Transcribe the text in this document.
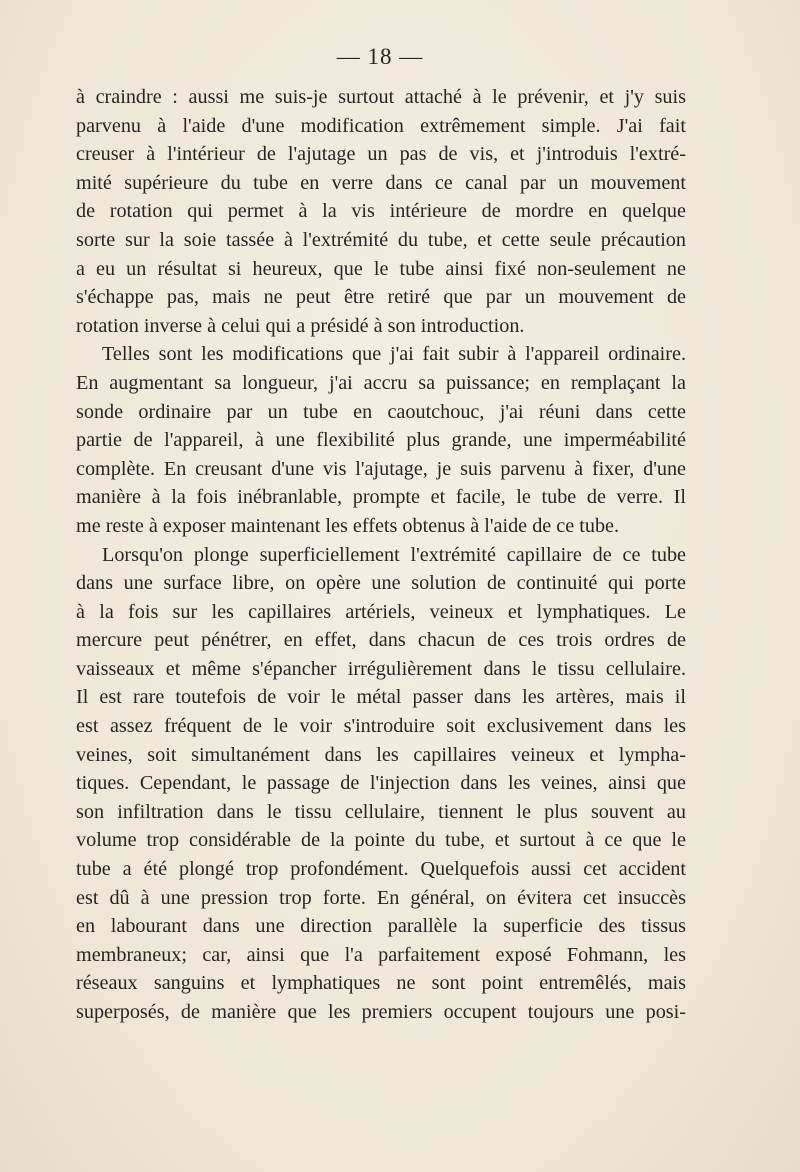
— 18 —
à craindre : aussi me suis-je surtout attaché à le prévenir, et j'y suis
parvenu à l'aide d'une modification extrêmement simple. J'ai fait
creuser à l'intérieur de l'ajutage un pas de vis, et j'introduis l'extré-
mité supérieure du tube en verre dans ce canal par un mouvement
de rotation qui permet à la vis intérieure de mordre en quelque
sorte sur la soie tassée à l'extrémité du tube, et cette seule précaution
a eu un résultat si heureux, que le tube ainsi fixé non-seulement ne
s'échappe pas, mais ne peut être retiré que par un mouvement de
rotation inverse à celui qui a présidé à son introduction.
Telles sont les modifications que j'ai fait subir à l'appareil ordinaire.
En augmentant sa longueur, j'ai accru sa puissance; en remplaçant la
sonde ordinaire par un tube en caoutchouc, j'ai réuni dans cette
partie de l'appareil, à une flexibilité plus grande, une imperméabilité
complète. En creusant d'une vis l'ajutage, je suis parvenu à fixer, d'une
manière à la fois inébranlable, prompte et facile, le tube de verre. Il
me reste à exposer maintenant les effets obtenus à l'aide de ce tube.
Lorsqu'on plonge superficiellement l'extrémité capillaire de ce tube
dans une surface libre, on opère une solution de continuité qui porte
à la fois sur les capillaires artériels, veineux et lymphatiques. Le
mercure peut pénétrer, en effet, dans chacun de ces trois ordres de
vaisseaux et même s'épancher irrégulièrement dans le tissu cellulaire.
Il est rare toutefois de voir le métal passer dans les artères, mais il
est assez fréquent de le voir s'introduire soit exclusivement dans les
veines, soit simultanément dans les capillaires veineux et lympha-
tiques. Cependant, le passage de l'injection dans les veines, ainsi que
son infiltration dans le tissu cellulaire, tiennent le plus souvent au
volume trop considérable de la pointe du tube, et surtout à ce que le
tube a été plongé trop profondément. Quelquefois aussi cet accident
est dû à une pression trop forte. En général, on évitera cet insuccès
en labourant dans une direction parallèle la superficie des tissus
membraneux; car, ainsi que l'a parfaitement exposé Fohmann, les
réseaux sanguins et lymphatiques ne sont point entremêlés, mais
superposés, de manière que les premiers occupent toujours une posi-
